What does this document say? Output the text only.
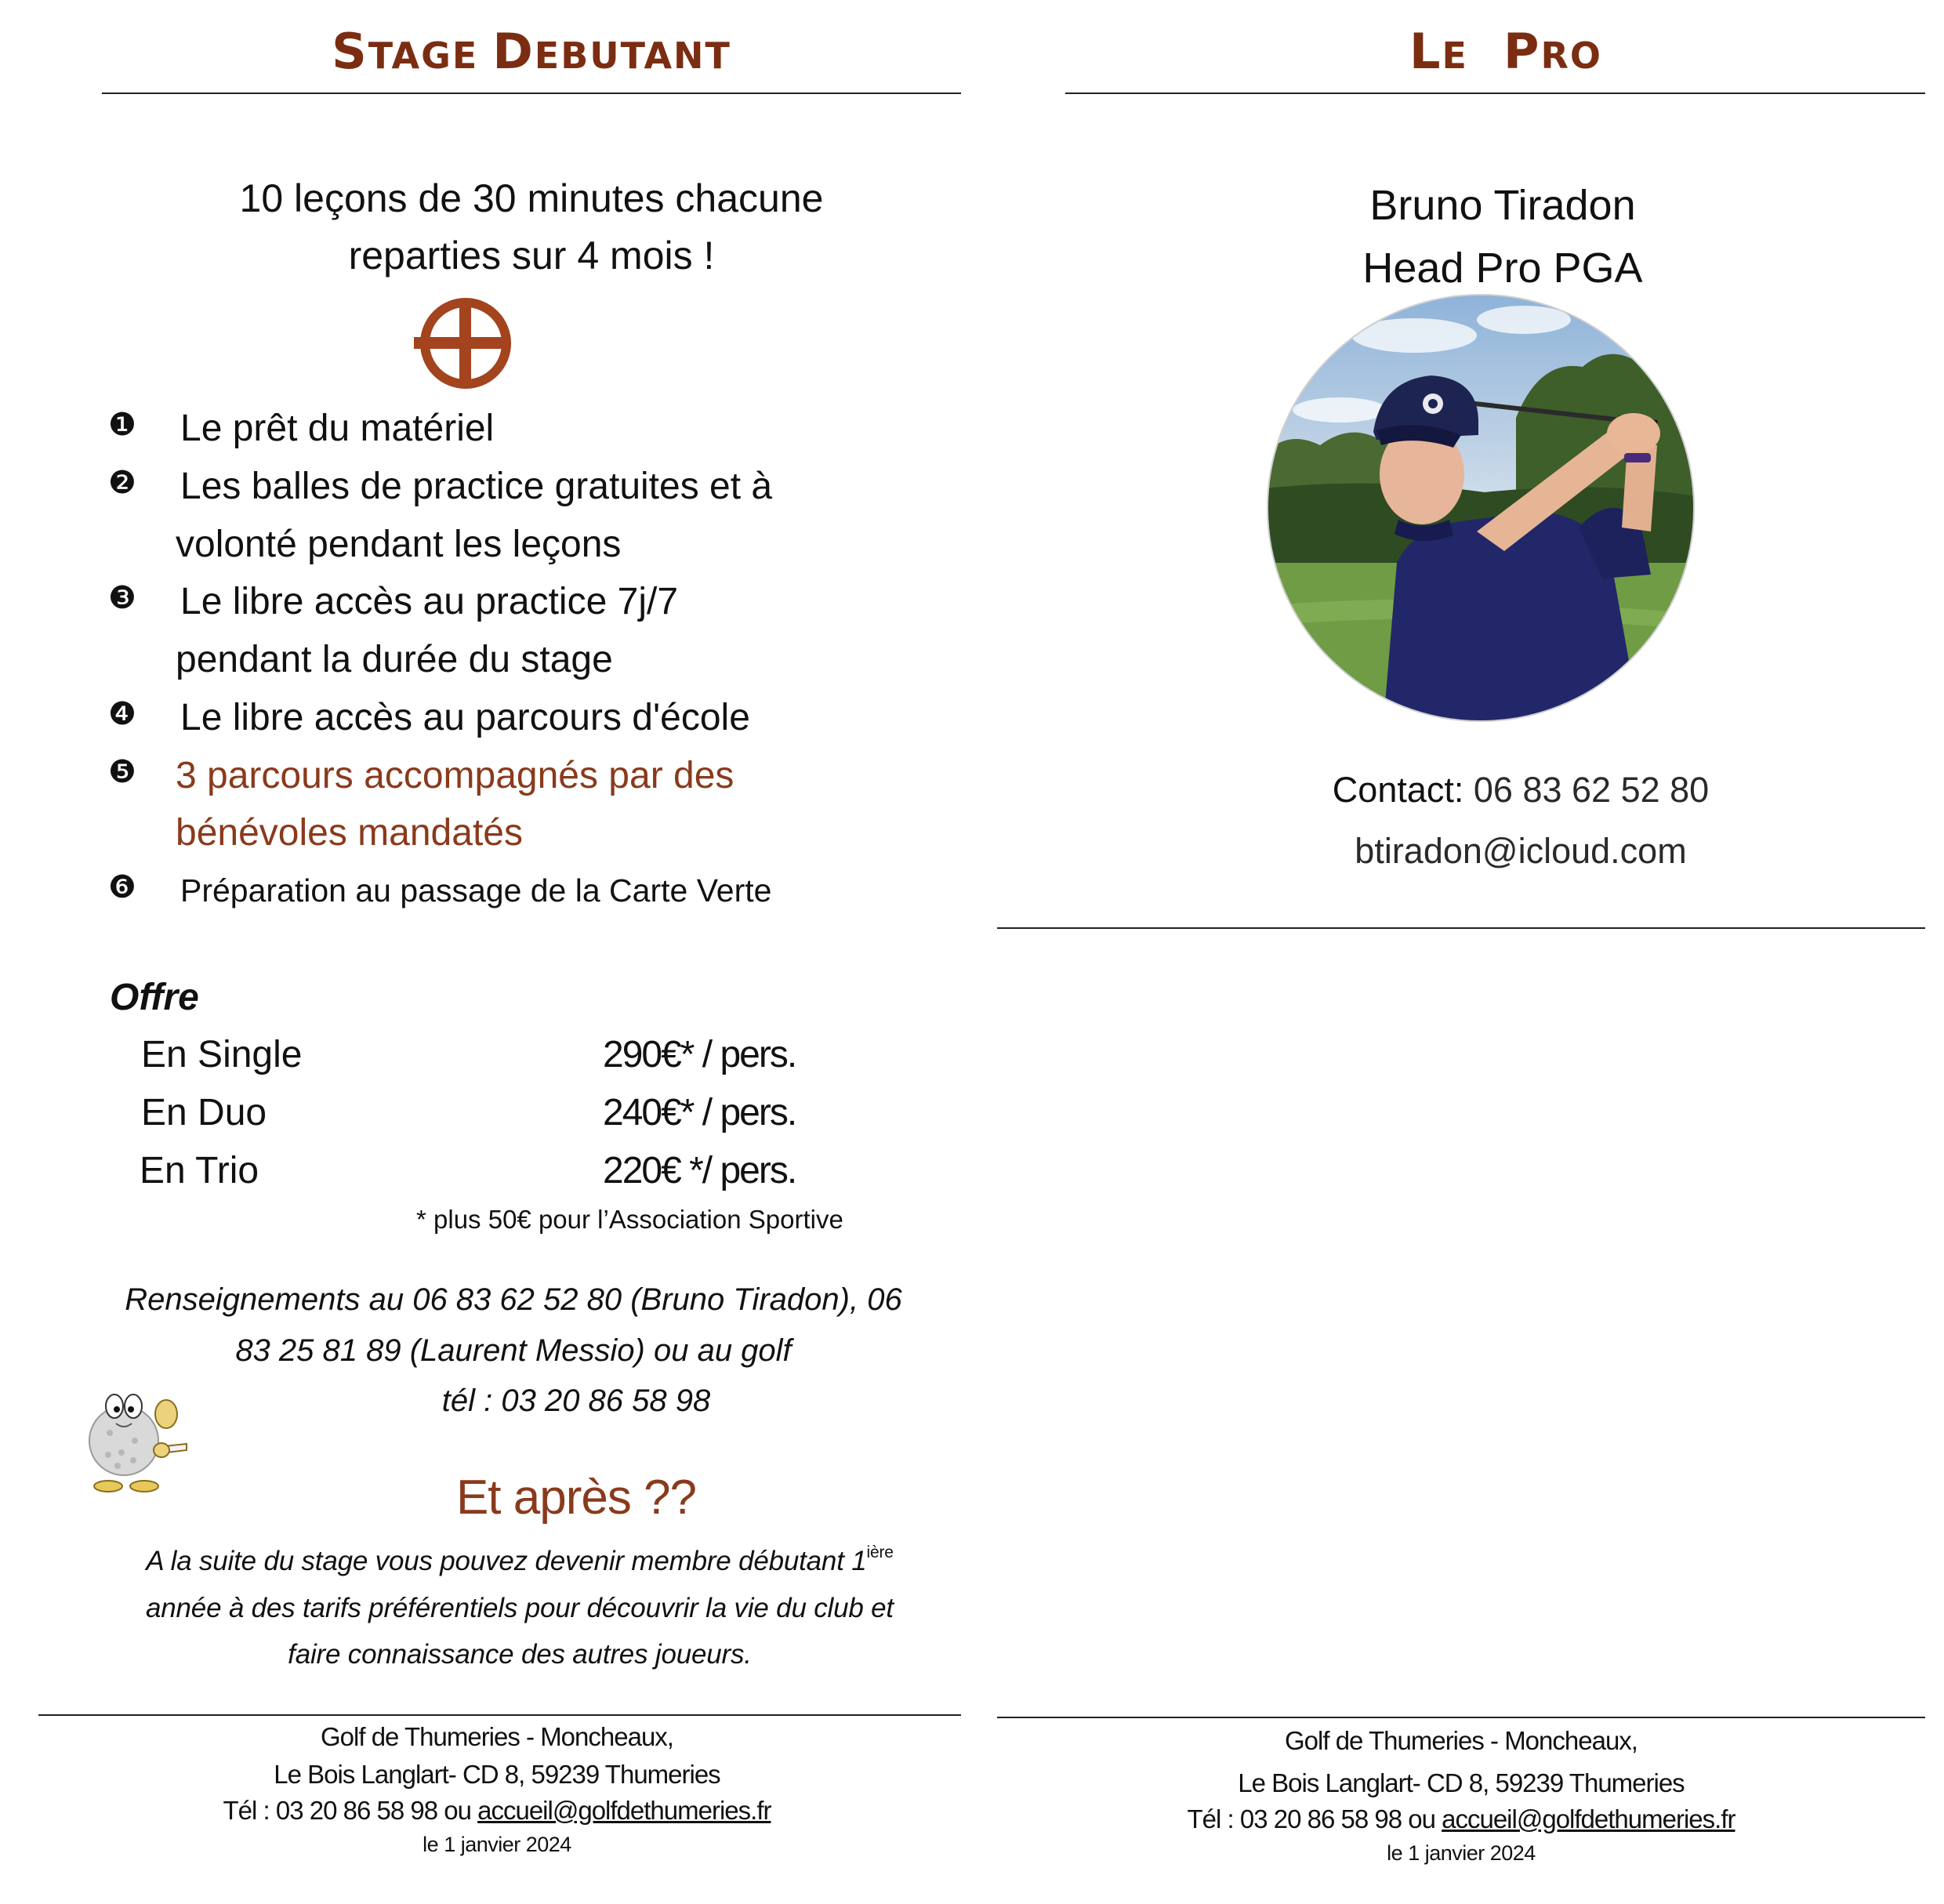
STAGE DEBUTANT
10 leçons de 30 minutes chacune
reparties sur 4 mois !
❶ Le prêt du matériel
❷ Les balles de practice gratuites et à
volonté pendant les leçons
❸ Le libre accès au practice 7j/7
pendant la durée du stage
❹ Le libre accès au parcours d'école
❺ 3 parcours accompagnés par des
bénévoles mandatés
❻ Préparation au passage de la Carte Verte
Offre
En Single	290€* / pers.
En Duo	240€* / pers.
En Trio	220€ */ pers.
* plus 50€ pour l’Association Sportive
Renseignements au 06 83 62 52 80 (Bruno Tiradon), 06
83 25 81 89 (Laurent Messio) ou au golf
tél : 03 20 86 58 98
Et après ??
A la suite du stage vous pouvez devenir membre débutant $1^{ière}$
année à des tarifs préférentiels pour découvrir la vie du club et
faire connaissance des autres joueurs.
Golf de Thumeries - Moncheaux,
Le Bois Langlart- CD 8, 59239 Thumeries
Tél : 03 20 86 58 98 ou accueil@golfdethumeries.fr
le 1 janvier 2024
LE PRO
Bruno Tiradon
Head Pro PGA
Contact: 06 83 62 52 80
btiradon@icloud.com
Golf de Thumeries - Moncheaux,
Le Bois Langlart- CD 8, 59239 Thumeries
Tél : 03 20 86 58 98 ou accueil@golfdethumeries.fr
le 1 janvier 2024
